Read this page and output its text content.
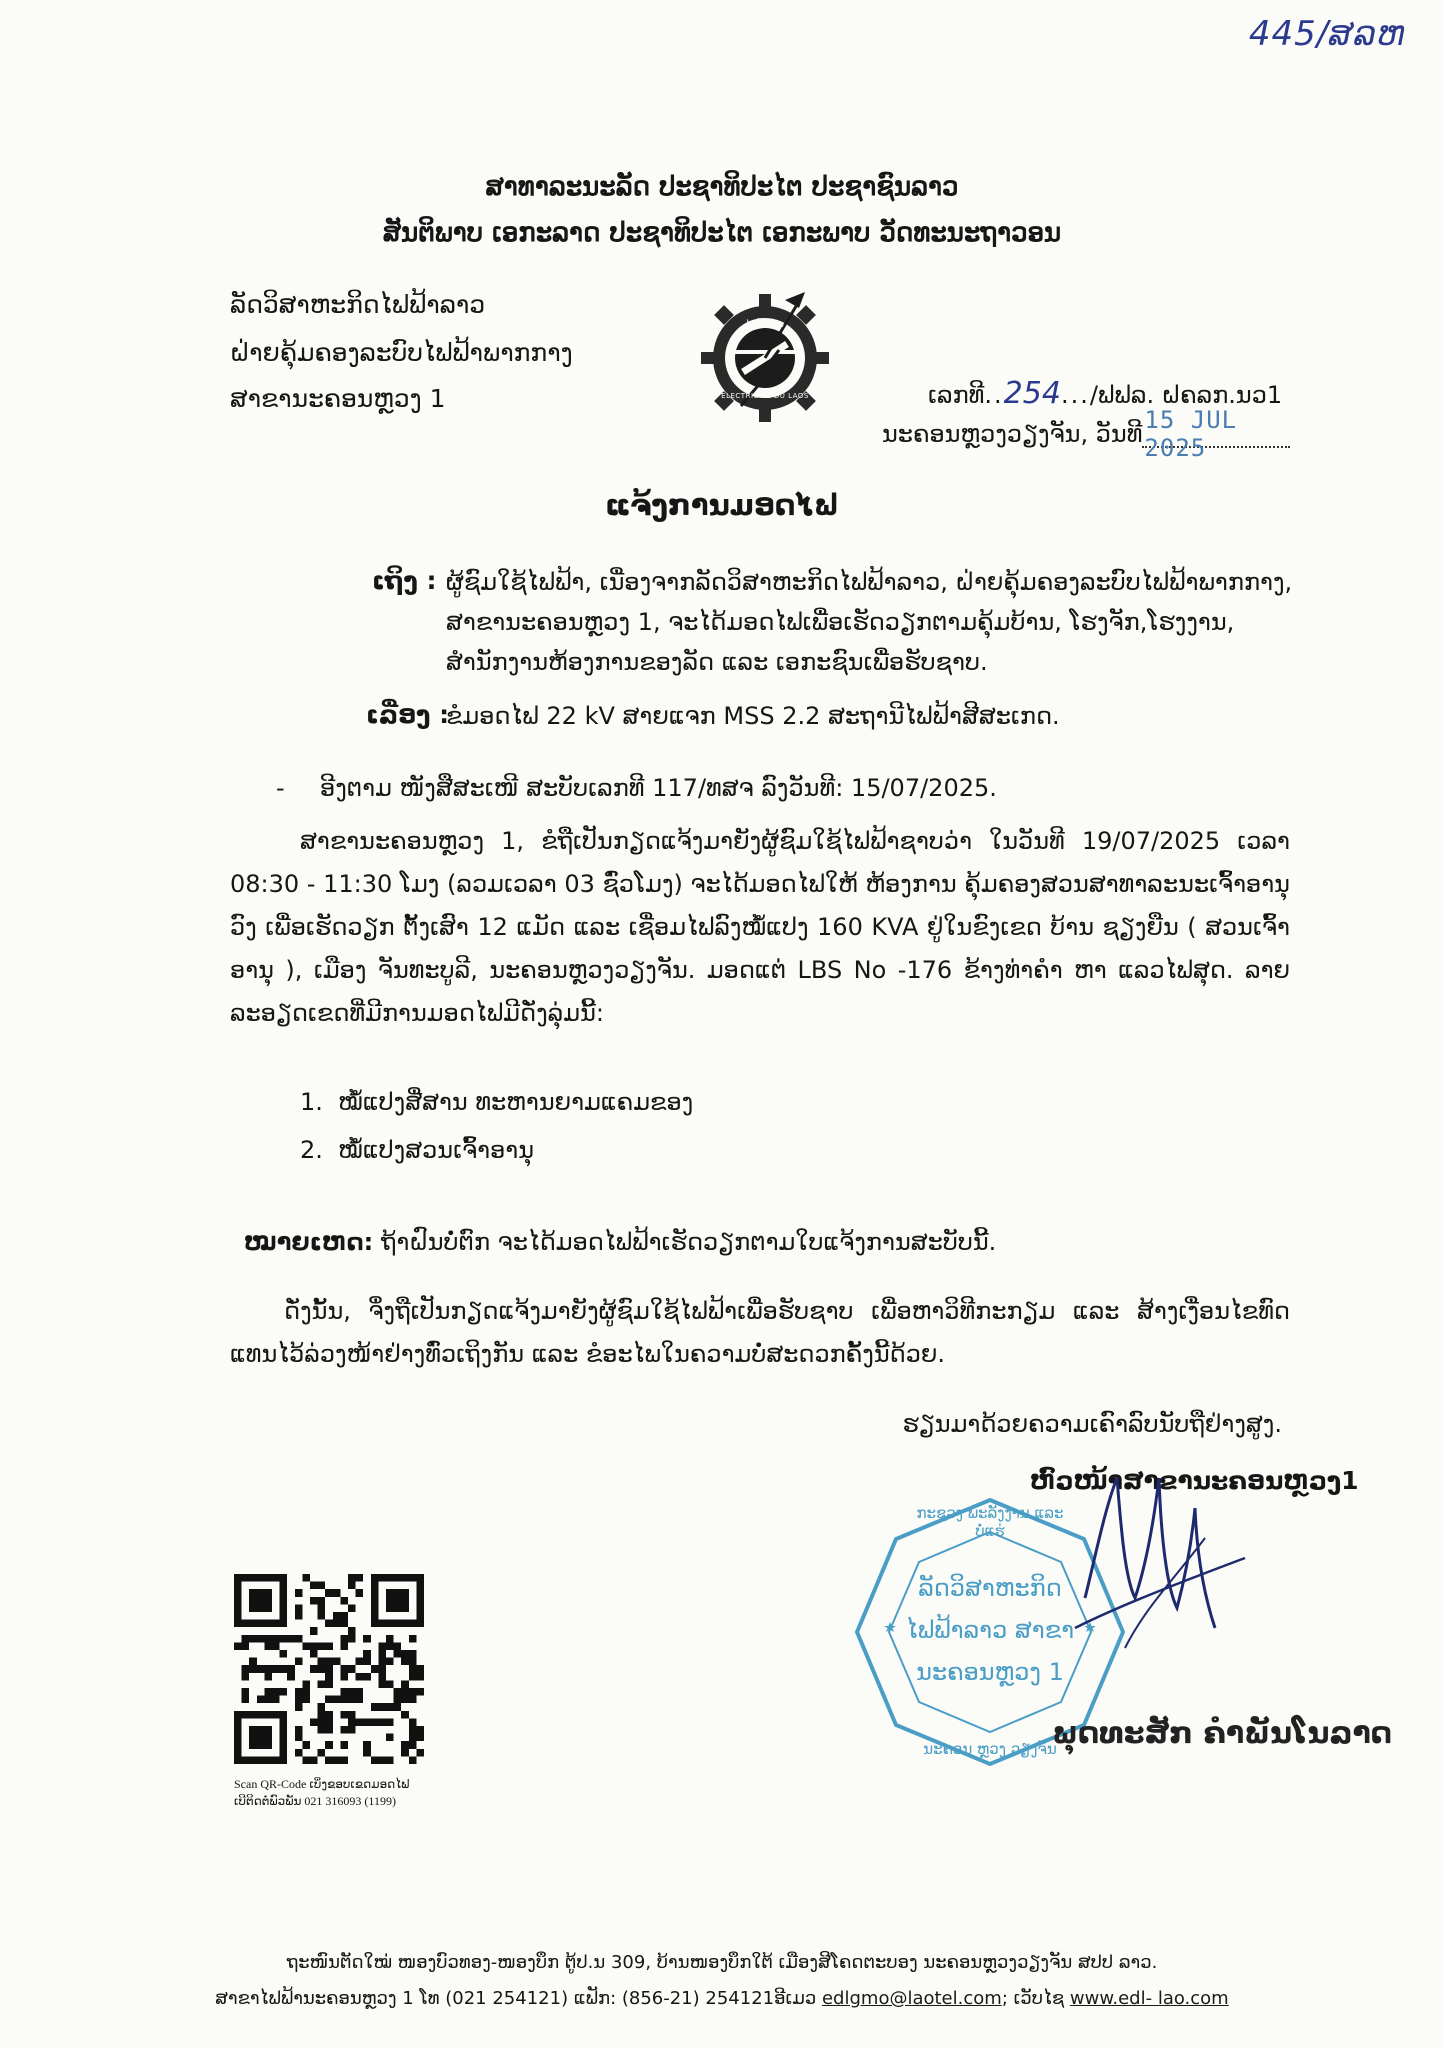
445/ສລຫ
ສາທາລະນະລັດ ປະຊາທິປະໄຕ ປະຊາຊົນລາວ
ສັນຕິພາບ ເອກະລາດ ປະຊາທິປະໄຕ ເອກະພາບ ວັດທະນະຖາວອນ
ລັດວິສາຫະກິດໄຟຟ້າລາວ
ຝ່າຍຄຸ້ມຄອງລະບົບໄຟຟ້າພາກກາງ
ສາຂານະຄອນຫຼວງ 1
ໄຟຟ້າລາວ
ELECTRICITE DU LAOS	ເລກທີ..254.../ຟຟລ. ຝຄລກ.ນວ1
ນະຄອນຫຼວງວຽງຈັນ, ວັນທີ 15 JUL 2025
ແຈ້ງການມອດໄຟ
ເຖິງ : ຜູ້ຊົມໃຊ້ໄຟຟ້າ, ເນື່ອງຈາກລັດວິສາຫະກິດໄຟຟ້າລາວ, ຝ່າຍຄຸ້ມຄອງລະບົບໄຟຟ້າພາກກາງ,
ສາຂານະຄອນຫຼວງ 1, ຈະໄດ້ມອດໄຟເພື່ອເຮັດວຽກຕາມຄຸ້ມບ້ານ, ໂຮງຈັກ,ໂຮງງານ,
ສຳນັກງານຫ້ອງການຂອງລັດ ແລະ ເອກະຊົນເພື່ອຮັບຊາບ.
ເລື່ອງ :
ຂໍມອດໄຟ 22 kV ສາຍແຈກ MSS 2.2 ສະຖານີໄຟຟ້າສີສະເກດ.
- ອີງຕາມ ໜັງສືສະເໜີ ສະບັບເລກທີ 117/ທສຈ ລົງວັນທີ: 15/07/2025.
ສາຂານະຄອນຫຼວງ 1, ຂໍຖືເປັນກຽດແຈ້ງມາຍັງຜູ້ຊົມໃຊ້ໄຟຟ້າຊາບວ່າ ໃນວັນທີ 19/07/2025 ເວລາ 08:30 - 11:30 ໂມງ (ລວມເວລາ 03 ຊົ່ວໂມງ) ຈະໄດ້ມອດໄຟໃຫ້ ຫ້ອງການ ຄຸ້ມຄອງສວນສາທາລະນະເຈົ້າອານຸວົງ ເພື່ອເຮັດວຽກ ຕັ້ງເສົາ 12 ແມັດ ແລະ ເຊື່ອມໄຟລົງໝໍ້ແປງ 160 KVA ຢູ່ໃນຂົງເຂດ ບ້ານ ຊຽງຍືນ ( ສວນເຈົ້າອານຸ ), ເມືອງ ຈັນທະບູລີ, ນະຄອນຫຼວງວຽງຈັນ. ມອດແຕ່ LBS No -176 ຂ້າງທ່າຄຳ ຫາ ແລວໄຟສຸດ. ລາຍລະອຽດເຂດທີ່ມີການມອດໄຟມີດັ່ງລຸ່ມນີ້:
1. ໝໍ້ແປງສື່ສານ ທະຫານຍາມແຄມຂອງ
2. ໝໍ້ແປງສວນເຈົ້າອານຸ
ໝາຍເຫດ: ຖ້າຝົນບໍ່ຕົກ ຈະໄດ້ມອດໄຟຟ້າເຮັດວຽກຕາມໃບແຈ້ງການສະບັບນີ້.
ດັ່ງນັ້ນ, ຈຶ່ງຖືເປັນກຽດແຈ້ງມາຍັງຜູ້ຊົມໃຊ້ໄຟຟ້າເພື່ອຮັບຊາບ ເພື່ອຫາວິທີກະກຽມ ແລະ ສ້າງເງື່ອນໄຂທົດແທນໄວ້ລ່ວງໜ້າຢ່າງທົ່ວເຖິງກັນ ແລະ ຂໍອະໄພໃນຄວາມບໍ່ສະດວກຄັ້ງນີ້ດ້ວຍ.
ຮຽນມາດ້ວຍຄວາມເຄົາລົບນັບຖືຢ່າງສູງ.
ຫົວໜ້າສາຂານະຄອນຫຼວງ1
ກະຊວງ ພະລັງງານ ແລະ ບໍ່ແຮ່
ນະຄອນ ຫຼວງ ວຽງຈັນ
ລັດວິສາຫະກິດ
ໄຟຟ້າລາວ ສາຂາ
ນະຄອນຫຼວງ 1
ພຸດທະສັກ ຄຳພັນໂນລາດ
Scan QR-Code ເບິ່ງຂອບເຂດມອດໄຟ
ເບີຕິດຕໍ່ພົວພັນ 021 316093 (1199)
ຖະໜົນຕັດໃໝ່ ໜອງບົວທອງ-ໜອງບຶກ ຕູ້ປ.ນ 309, ບ້ານໜອງບຶກໃຕ້ ເມືອງສີໂຄດຕະບອງ ນະຄອນຫຼວງວຽງຈັນ ສປປ ລາວ.
ສາຂາໄຟຟ້ານະຄອນຫຼວງ 1 ໂທ (021 254121) ແຟັກ: (856-21) 254121ອີເມວ edlgmo@laotel.com; ເວັບໄຊ www.edl- lao.com
